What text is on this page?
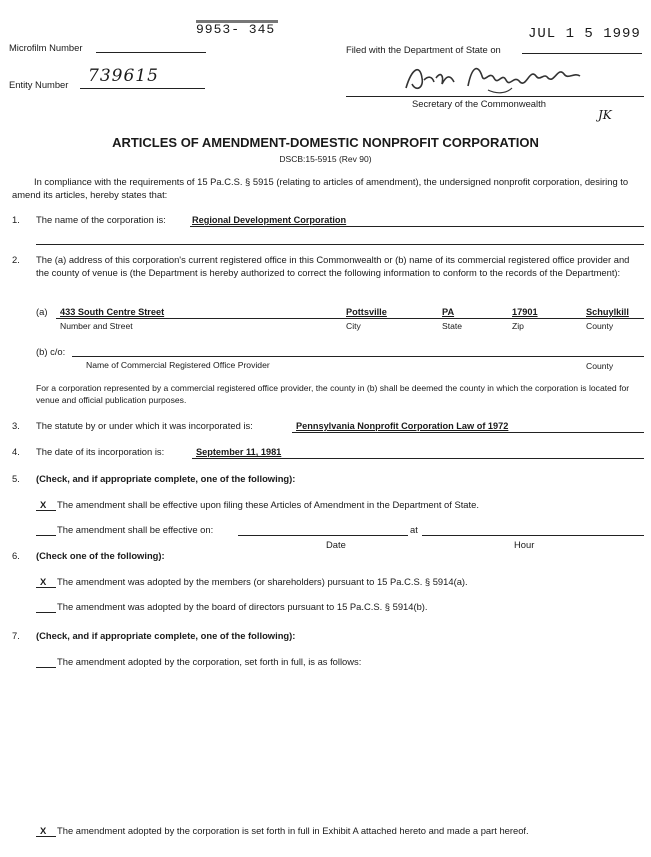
9953- 345
Microfilm Number
Entity Number 739615
Filed with the Department of State on
JUL 1 5 1999
Secretary of the Commonwealth
JK
ARTICLES OF AMENDMENT-DOMESTIC NONPROFIT CORPORATION
DSCB:15-5915 (Rev 90)
In compliance with the requirements of 15 Pa.C.S. § 5915 (relating to articles of amendment), the undersigned nonprofit corporation, desiring to amend its articles, hereby states that:
1. The name of the corporation is:	Regional Development Corporation
2. The (a) address of this corporation's current registered office in this Commonwealth or (b) name of its commercial registered office provider and the county of venue is (the Department is hereby authorized to correct the following information to conform to the records of the Department):
(a) 433 South Centre Street	Pottsville	PA	17901	Schuylkill
Number and Street	City	State	Zip	County
(b) c/o:
Name of Commercial Registered Office Provider	County
For a corporation represented by a commercial registered office provider, the county in (b) shall be deemed the county in which the corporation is located for venue and official publication purposes.
3. The statute by or under which it was incorporated is:	Pennsylvania Nonprofit Corporation Law of 1972
4. The date of its incorporation is:	September 11, 1981
5. (Check, and if appropriate complete, one of the following):
X The amendment shall be effective upon filing these Articles of Amendment in the Department of State.
The amendment shall be effective on:	at
Date	Hour
6. (Check one of the following):
X The amendment was adopted by the members (or shareholders) pursuant to 15 Pa.C.S. § 5914(a).
The amendment was adopted by the board of directors pursuant to 15 Pa.C.S. § 5914(b).
7. (Check, and if appropriate complete, one of the following):
The amendment adopted by the corporation, set forth in full, is as follows:
X The amendment adopted by the corporation is set forth in full in Exhibit A attached hereto and made a part hereof.
